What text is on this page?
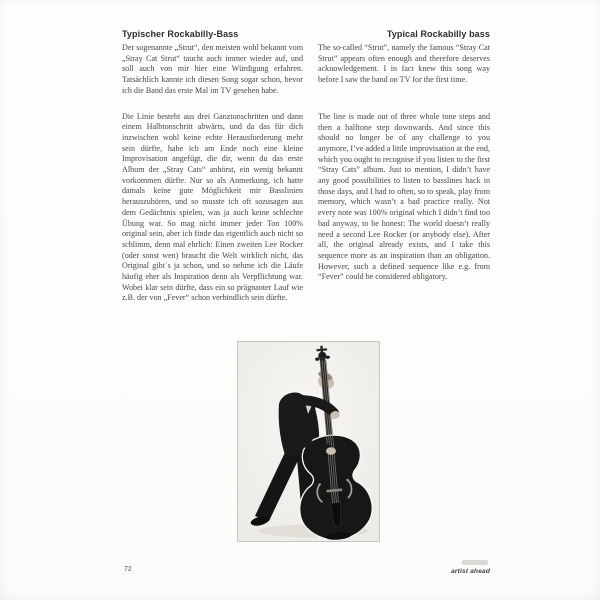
Typischer Rockabilly-Bass	Typical Rockabilly bass

Der sogenannte „Strut“, den meisten wohl bekannt vom „Stray Cat Strut“ taucht auch immer wieder auf, und soll auch von mir hier eine Würdigung erfahren. Tatsächlich kannte ich diesen Song sogar schon, bevor ich die Band das erste Mal im TV gesehen habe.

Die Linie besteht aus drei Ganztonschritten und dann einem Halbtonschritt abwärts, und da das für dich inzwischen wohl keine echte Herausforderung mehr sein dürfte, habe ich am Ende noch eine kleine Improvisation angefügt, die dir, wenn du das erste Album der „Stray Cats“ anhörst, ein wenig bekannt vorkommen dürfte. Nur so als Anmerkung, ich hatte damals keine gute Möglichkeit mir Basslinien herauszuhören, und so musste ich oft sozusagen aus dem Gedächtnis spielen, was ja auch keine schlechte Übung war. So mag nicht immer jeder Ton 100% original sein, aber ich finde das eigentlich auch nicht so schlimm, denn mal ehrlich: Einen zweiten Lee Rocker (oder sonst wen) braucht die Welt wirklich nicht, das Original gibt´s ja schon, und so nehme ich die Läufe häufig eher als Inspiration denn als Verpflichtung war. Wobei klar sein dürfte, dass ein so prägnanter Lauf wie z.B. der von „Fever“ schon verbindlich sein dürfte.

The so-called “Strut”, namely the famous “Stray Cat Strut” appears often enough and therefore deserves acknowledgement. I in fact knew this song way before I saw the band on TV for the first time.

The line is made out of three whole tone steps and then a halftone step downwards. And since this should no longer be of any challenge to you anymore, I’ve added a little improvisation at the end, which you ought to recognise if you listen to the first “Stray Cats” album. Just to mention, I didn’t have any good possibilities to listen to basslines back in those days, and I had to often, so to speak, play from memory, which wasn’t a bad practice really. Not every note was 100% original which I didn’t find too bad anyway, to be honest: The world doesn’t really need a second Lee Rocker (or anybody else). After all, the original already exists, and I take this sequence more as an inspiration than an obligation. However, such a defined sequence like e.g. from “Fever” could be considered obligatory.

72	artist ahead
